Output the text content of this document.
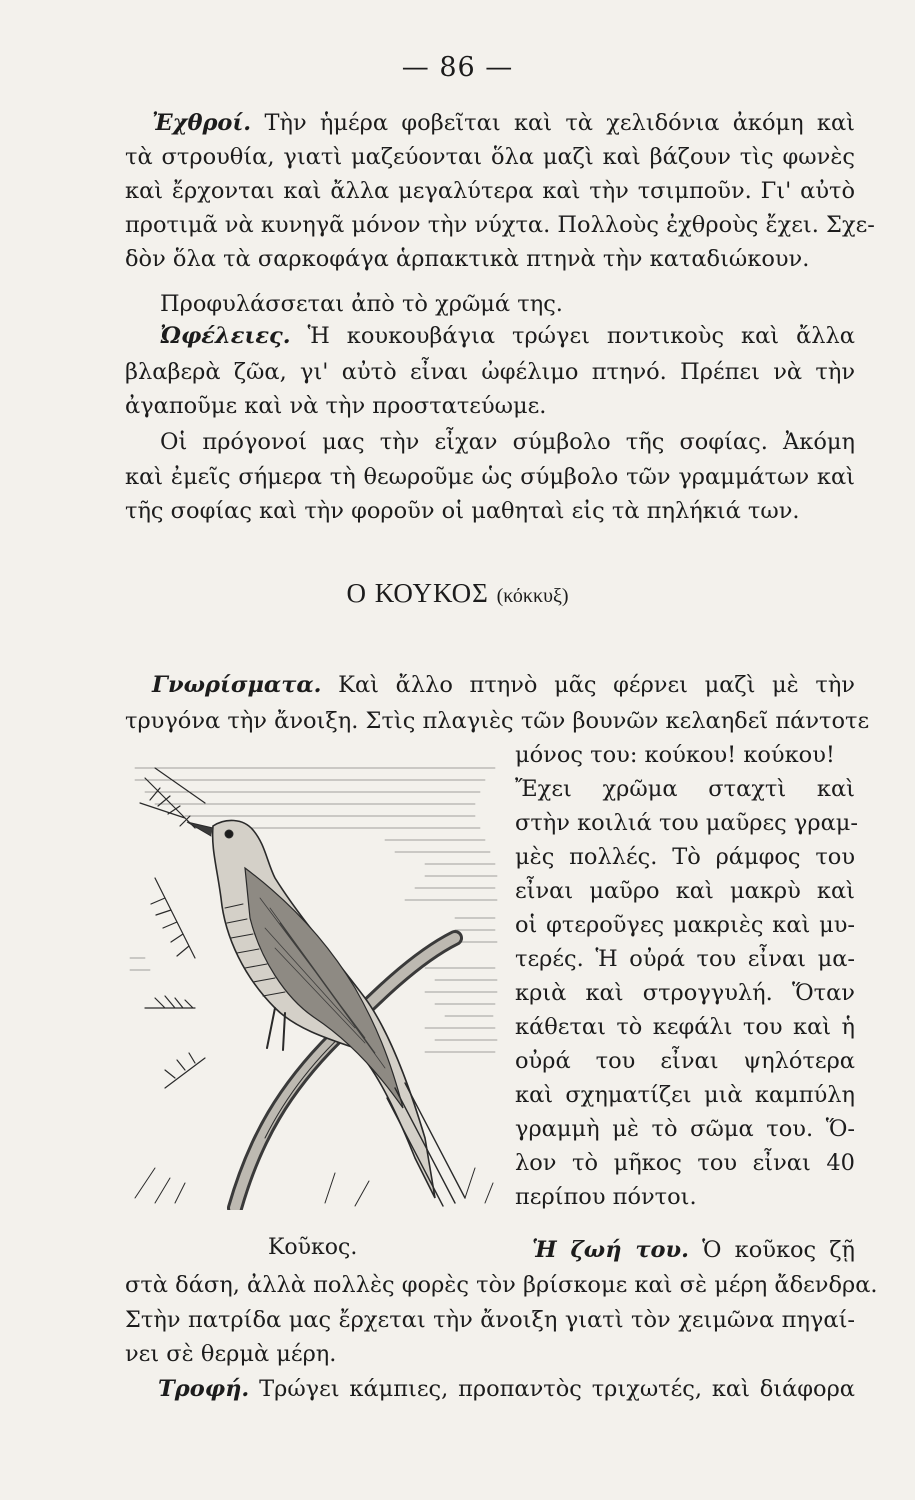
— 86 —
Ἐχθροί. Τὴν ἡμέρα φοβεῖται καὶ τὰ χελιδόνια ἀκόμη καὶ
τὰ στρουθία, γιατὶ μαζεύονται ὅλα μαζὶ καὶ βάζουν τὶς φωνὲς
καὶ ἔρχονται καὶ ἄλλα μεγαλύτερα καὶ τὴν τσιμποῦν. Γι' αὐτὸ
προτιμᾶ νὰ κυνηγᾶ μόνον τὴν νύχτα. Πολλοὺς ἐχθροὺς ἔχει. Σχε-
δὸν ὅλα τὰ σαρκοφάγα ἁρπακτικὰ πτηνὰ τὴν καταδιώκουν.
Προφυλάσσεται ἀπὸ τὸ χρῶμά της.
Ὠφέλειες. Ἡ κουκουβάγια τρώγει ποντικοὺς καὶ ἄλλα
βλαβερὰ ζῶα, γι' αὐτὸ εἶναι ὠφέλιμο πτηνό. Πρέπει νὰ τὴν
ἀγαποῦμε καὶ νὰ τὴν προστατεύωμε.
Οἱ πρόγονοί μας τὴν εἶχαν σύμβολο τῆς σοφίας. Ἀκόμη
καὶ ἐμεῖς σήμερα τὴ θεωροῦμε ὡς σύμβολο τῶν γραμμάτων καὶ
τῆς σοφίας καὶ τὴν φοροῦν οἱ μαθηταὶ εἰς τὰ πηλήκιά των.
Ο ΚΟΥΚΟΣ (κόκκυξ)
Γνωρίσματα. Καὶ ἄλλο πτηνὸ μᾶς φέρνει μαζὶ μὲ τὴν
τρυγόνα τὴν ἄνοιξη. Στὶς πλαγιὲς τῶν βουνῶν κελαηδεῖ πάντοτε
μόνος του: κούκου! κούκου!
Ἔχει χρῶμα σταχτὶ καὶ
στὴν κοιλιά του μαῦρες γραμ-
μὲς πολλές. Τὸ ράμφος του
εἶναι μαῦρο καὶ μακρὺ καὶ
οἱ φτεροῦγες μακριὲς καὶ μυ-
τερές. Ἡ οὐρά του εἶναι μα-
κριὰ καὶ στρογγυλή. Ὅταν
κάθεται τὸ κεφάλι του καὶ ἡ
οὐρά του εἶναι ψηλότερα
καὶ σχηματίζει μιὰ καμπύλη
γραμμὴ μὲ τὸ σῶμα του. Ὅ-
λον τὸ μῆκος του εἶναι 40
περίπου πόντοι.
Κοῦκος.	Ἡ ζωή του. Ὁ κοῦκος ζῇ
στὰ δάση, ἀλλὰ πολλὲς φορὲς τὸν βρίσκομε καὶ σὲ μέρη ἄδενδρα.
Στὴν πατρίδα μας ἔρχεται τὴν ἄνοιξη γιατὶ τὸν χειμῶνα πηγαί-
νει σὲ θερμὰ μέρη.
Τροφή. Τρώγει κάμπιες, προπαντὸς τριχωτές, καὶ διάφορα
